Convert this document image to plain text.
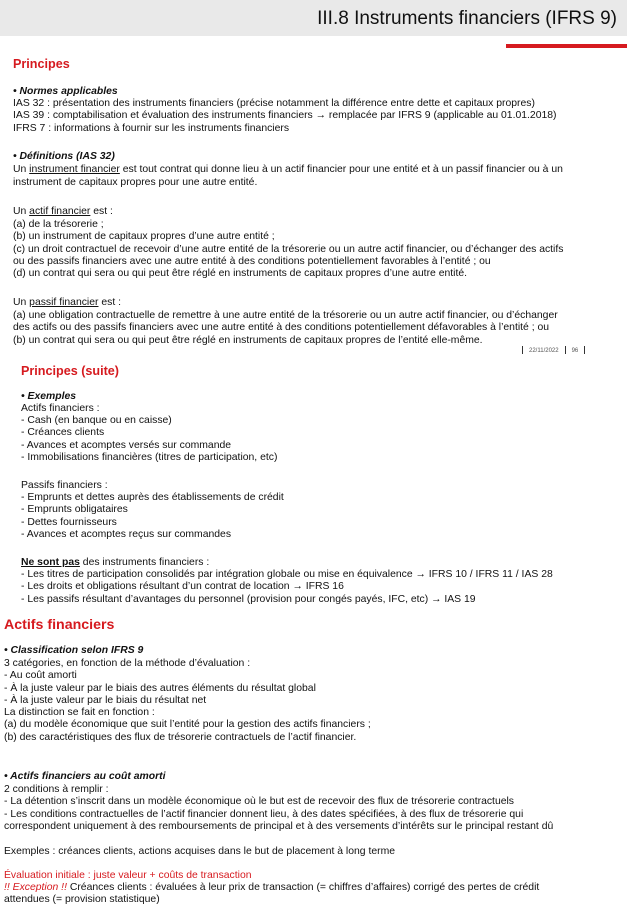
III.8 Instruments financiers (IFRS 9)
Principes
• Normes applicables
IAS 32 : présentation des instruments financiers (précise notamment la différence entre dette et capitaux propres)
IAS 39 : comptabilisation et évaluation des instruments financiers → remplacée par IFRS 9 (applicable au 01.01.2018)
IFRS 7 : informations à fournir sur les instruments financiers
• Définitions (IAS 32)
Un instrument financier est tout contrat qui donne lieu à un actif financier pour une entité et à un passif financier ou à un
instrument de capitaux propres pour une autre entité.
Un actif financier est :
(a) de la trésorerie ;
(b) un instrument de capitaux propres d’une autre entité ;
(c) un droit contractuel de recevoir d’une autre entité de la trésorerie ou un autre actif financier, ou d’échanger des actifs
ou des passifs financiers avec une autre entité à des conditions potentiellement favorables à l’entité ; ou
(d) un contrat qui sera ou qui peut être réglé en instruments de capitaux propres d’une autre entité.
Un passif financier est :
(a) une obligation contractuelle de remettre à une autre entité de la trésorerie ou un autre actif financier, ou d’échanger
des actifs ou des passifs financiers avec une autre entité à des conditions potentiellement défavorables à l’entité ; ou
(b) un contrat qui sera ou qui peut être réglé en instruments de capitaux propres de l’entité elle-même.
22/11/2022 96
Principes (suite)
• Exemples
Actifs financiers :
- Cash (en banque ou en caisse)
- Créances clients
- Avances et acomptes versés sur commande
- Immobilisations financières (titres de participation, etc)
Passifs financiers :
- Emprunts et dettes auprès des établissements de crédit
- Emprunts obligataires
- Dettes fournisseurs
- Avances et acomptes reçus sur commandes
Ne sont pas des instruments financiers :
- Les titres de participation consolidés par intégration globale ou mise en équivalence → IFRS 10 / IFRS 11 / IAS 28
- Les droits et obligations résultant d’un contrat de location → IFRS 16
- Les passifs résultant d’avantages du personnel (provision pour congés payés, IFC, etc) → IAS 19
Actifs financiers
• Classification selon IFRS 9
3 catégories, en fonction de la méthode d’évaluation :
- Au coût amorti
- À la juste valeur par le biais des autres éléments du résultat global
- À la juste valeur par le biais du résultat net
La distinction se fait en fonction :
(a) du modèle économique que suit l’entité pour la gestion des actifs financiers ;
(b) des caractéristiques des flux de trésorerie contractuels de l’actif financier.
• Actifs financiers au coût amorti
2 conditions à remplir :
- La détention s’inscrit dans un modèle économique où le but est de recevoir des flux de trésorerie contractuels
- Les conditions contractuelles de l’actif financier donnent lieu, à des dates spécifiées, à des flux de trésorerie qui
correspondent uniquement à des remboursements de principal et à des versements d’intérêts sur le principal restant dû
Exemples : créances clients, actions acquises dans le but de placement à long terme
Évaluation initiale : juste valeur + coûts de transaction
!! Exception !! Créances clients : évaluées à leur prix de transaction (= chiffres d’affaires) corrigé des pertes de crédit
attendues (= provision statistique)
